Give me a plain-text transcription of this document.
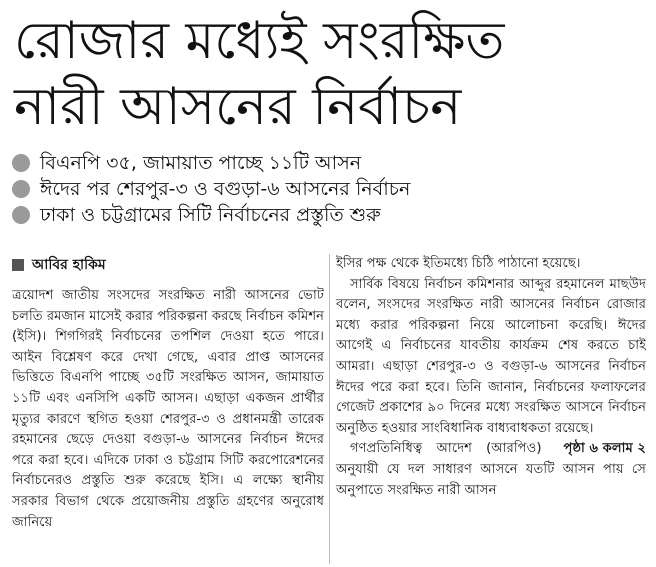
রোজার মধ্যেই সংরক্ষিত
নারী আসনের নির্বাচন
বিএনপি ৩৫, জামায়াত পাচ্ছে ১১টি আসন
ঈদের পর শেরপুর-৩ ও বগুড়া-৬ আসনের নির্বাচন
ঢাকা ও চট্টগ্রামের সিটি নির্বাচনের প্রস্তুতি শুরু
আবির হাকিম

ত্রয়োদশ জাতীয় সংসদের সংরক্ষিত নারী আসনের ভোট চলতি রমজান মাসেই করার পরিকল্পনা করছে নির্বাচন কমিশন (ইসি)। শিগগিরই নির্বাচনের তপশিল দেওয়া হতে পারে। আইন বিশ্লেষণ করে দেখা গেছে, এবার প্রাপ্ত আসনের ভিত্তিতে বিএনপি পাচ্ছে ৩৫টি সংরক্ষিত আসন, জামায়াত ১১টি এবং এনসিপি একটি আসন। এছাড়া একজন প্রার্থীর মৃত্যুর কারণে স্থগিত হওয়া শেরপুর-৩ ও প্রধানমন্ত্রী তারেক রহমানের ছেড়ে দেওয়া বগুড়া-৬ আসনের নির্বাচন ঈদের পরে করা হবে। এদিকে ঢাকা ও চট্টগ্রাম সিটি করপোরেশনের নির্বাচনেরও প্রস্তুতি শুরু করেছে ইসি। এ লক্ষ্যে স্থানীয় সরকার বিভাগ থেকে প্রয়োজনীয় প্রস্তুতি গ্রহণের অনুরোধ জানিয়ে

ইসির পক্ষ থেকে ইতিমধ্যে চিঠি পাঠানো হয়েছে।

সার্বিক বিষয়ে নির্বাচন কমিশনার আব্দুর রহমানেল মাছউদ বলেন, সংসদের সংরক্ষিত নারী আসনের নির্বাচন রোজার মধ্যে করার পরিকল্পনা নিয়ে আলোচনা করেছি। ঈদের আগেই এ নির্বাচনের যাবতীয় কার্যক্রম শেষ করতে চাই আমরা। এছাড়া শেরপুর-৩ ও বগুড়া-৬ আসনের নির্বাচন ঈদের পরে করা হবে। তিনি জানান, নির্বাচনের ফলাফলের গেজেট প্রকাশের ৯০ দিনের মধ্যে সংরক্ষিত আসনে নির্বাচন অনুষ্ঠিত হওয়ার সাংবিধানিক বাধ্যবাধকতা রয়েছে।

পৃষ্ঠা ৬ কলাম ২
গণপ্রতিনিধিত্ব আদেশ (আরপিও) অনুযায়ী যে দল সাধারণ আসনে যতটি আসন পায় সে অনুপাতে সংরক্ষিত নারী আসন
